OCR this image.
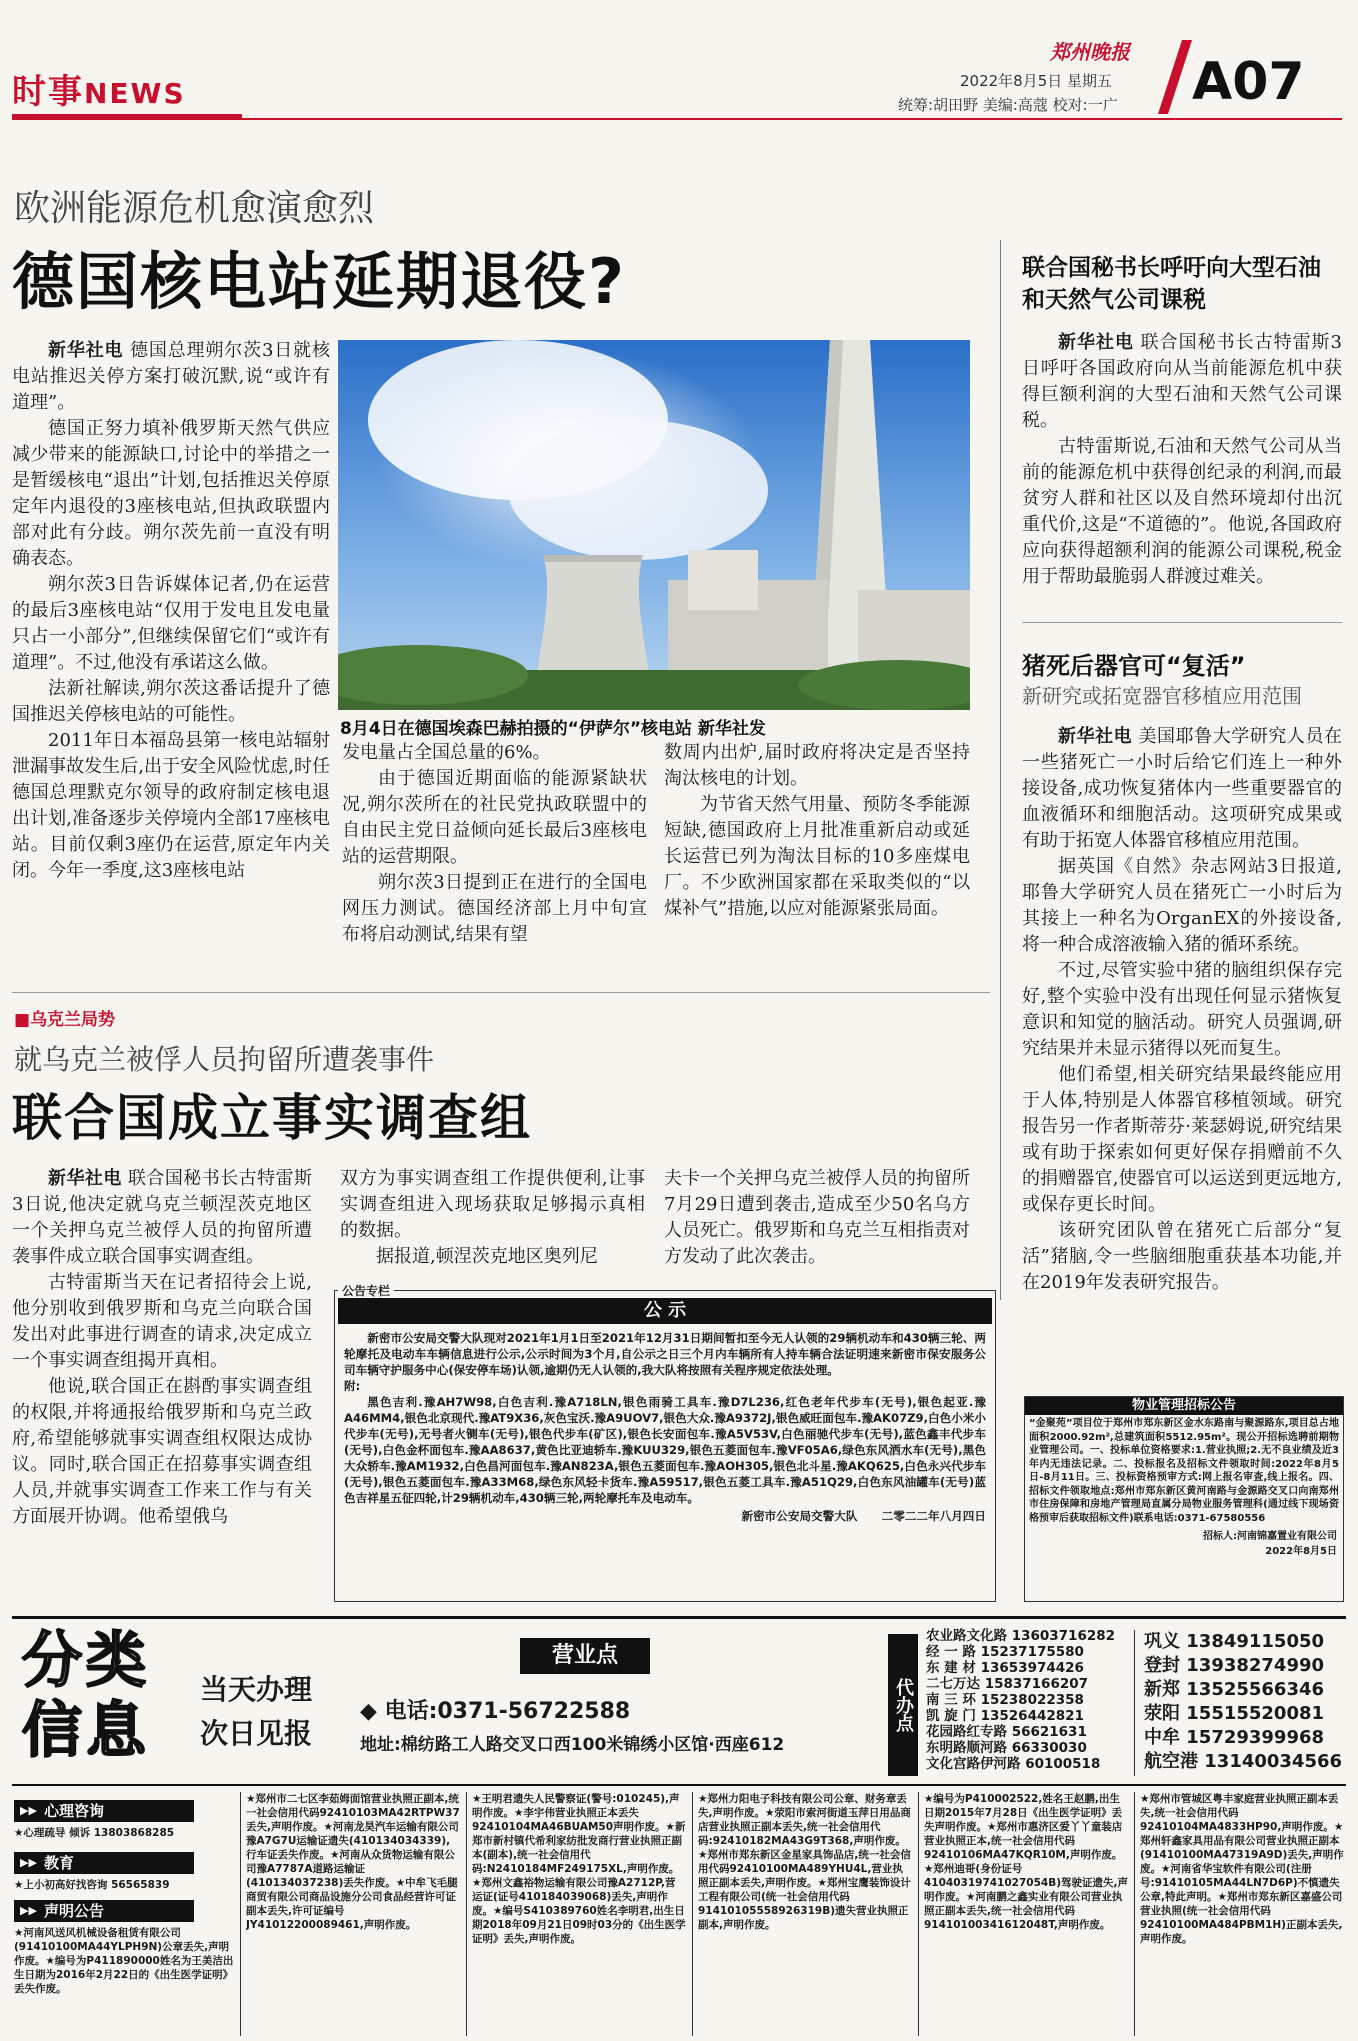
时事NEWS
郑州晚报
2022年8月5日 星期五
统筹:胡田野 美编:高蔻 校对:一广 A07
欧洲能源危机愈演愈烈
德国核电站延期退役?

新华社电 德国总理朔尔茨3日就核电站推迟关停方案打破沉默,说“或许有道理”。

德国正努力填补俄罗斯天然气供应减少带来的能源缺口,讨论中的举措之一是暂缓核电“退出”计划,包括推迟关停原定年内退役的3座核电站,但执政联盟内部对此有分歧。朔尔茨先前一直没有明确表态。

朔尔茨3日告诉媒体记者,仍在运营的最后3座核电站“仅用于发电且发电量只占一小部分”,但继续保留它们“或许有道理”。不过,他没有承诺这么做。

法新社解读,朔尔茨这番话提升了德国推迟关停核电站的可能性。

2011年日本福岛县第一核电站辐射泄漏事故发生后,出于安全风险忧虑,时任德国总理默克尔领导的政府制定核电退出计划,准备逐步关停境内全部17座核电站。目前仅剩3座仍在运营,原定年内关闭。今年一季度,这3座核电站

8月4日在德国埃森巴赫拍摄的“伊萨尔”核电站 新华社发

发电量占全国总量的6%。

由于德国近期面临的能源紧缺状况,朔尔茨所在的社民党执政联盟中的自由民主党日益倾向延长最后3座核电站的运营期限。

朔尔茨3日提到正在进行的全国电网压力测试。德国经济部上月中旬宣布将启动测试,结果有望

数周内出炉,届时政府将决定是否坚持淘汰核电的计划。

为节省天然气用量、预防冬季能源短缺,德国政府上月批准重新启动或延长运营已列为淘汰目标的10多座煤电厂。不少欧洲国家都在采取类似的“以煤补气”措施,以应对能源紧张局面。

联合国秘书长呼吁向大型石油和天然气公司课税

新华社电 联合国秘书长古特雷斯3日呼吁各国政府向从当前能源危机中获得巨额利润的大型石油和天然气公司课税。

古特雷斯说,石油和天然气公司从当前的能源危机中获得创纪录的利润,而最贫穷人群和社区以及自然环境却付出沉重代价,这是“不道德的”。他说,各国政府应向获得超额利润的能源公司课税,税金用于帮助最脆弱人群渡过难关。

猪死后器官可“复活”
新研究或拓宽器官移植应用范围

新华社电 美国耶鲁大学研究人员在一些猪死亡一小时后给它们连上一种外接设备,成功恢复猪体内一些重要器官的血液循环和细胞活动。这项研究成果或有助于拓宽人体器官移植应用范围。

据英国《自然》杂志网站3日报道,耶鲁大学研究人员在猪死亡一小时后为其接上一种名为OrganEX的外接设备,将一种合成溶液输入猪的循环系统。

不过,尽管实验中猪的脑组织保存完好,整个实验中没有出现任何显示猪恢复意识和知觉的脑活动。研究人员强调,研究结果并未显示猪得以死而复生。

他们希望,相关研究结果最终能应用于人体,特别是人体器官移植领域。研究报告另一作者斯蒂芬·莱瑟姆说,研究结果或有助于探索如何更好保存捐赠前不久的捐赠器官,使器官可以运送到更远地方,或保存更长时间。

该研究团队曾在猪死亡后部分“复活”猪脑,令一些脑细胞重获基本功能,并在2019年发表研究报告。

■乌克兰局势
就乌克兰被俘人员拘留所遭袭事件
联合国成立事实调查组

新华社电 联合国秘书长古特雷斯3日说,他决定就乌克兰顿涅茨克地区一个关押乌克兰被俘人员的拘留所遭袭事件成立联合国事实调查组。

古特雷斯当天在记者招待会上说,他分别收到俄罗斯和乌克兰向联合国发出对此事进行调查的请求,决定成立一个事实调查组揭开真相。

他说,联合国正在斟酌事实调查组的权限,并将通报给俄罗斯和乌克兰政府,希望能够就事实调查组权限达成协议。同时,联合国正在招募事实调查组人员,并就事实调查工作来工作与有关方面展开协调。他希望俄乌

双方为事实调查组工作提供便利,让事实调查组进入现场获取足够揭示真相的数据。

据报道,顿涅茨克地区奥列尼

夫卡一个关押乌克兰被俘人员的拘留所7月29日遭到袭击,造成至少50名乌方人员死亡。俄罗斯和乌克兰互相指责对方发动了此次袭击。

公告专栏
公 示
新密市公安局交警大队现对2021年1月1日至2021年12月31日期间暂扣至今无人认领的29辆机动车和430辆三轮、两轮摩托及电动车车辆信息进行公示,公示时间为3个月,自公示之日三个月内车辆所有人持车辆合法证明速来新密市保安服务公司车辆守护服务中心(保安停车场)认领,逾期仍无人认领的,我大队将按照有关程序规定依法处理。
附:
黑色吉利.豫AH7W98,白色吉利.豫A718LN,银色雨骑工具车.豫D7L236,红色老年代步车(无号),银色起亚.豫A46MM4,银色北京现代.豫AT9X36,灰色宝沃.豫A9UOV7,银色大众.豫A9372J,银色威旺面包车.豫AK07Z9,白色小米小代步车(无号),无号者火铡车(无号),银色代步车(矿区),银色长安面包车.豫A5V53V,白色丽驰代步车(无号),蓝色鑫丰代步车(无号),白色金杯面包车.豫AA8637,黄色比亚迪轿车.豫KUU329,银色五菱面包车.豫VF05A6,绿色东风洒水车(无号),黑色大众轿车.豫AM1932,白色昌河面包车.豫AN823A,银色五菱面包车.豫AOH305,银色北斗星.豫AKQ625,白色永兴代步车(无号),银色五菱面包车.豫A33M68,绿色东风轻卡货车.豫A59517,银色五菱工具车.豫A51Q29,白色东风油罐车(无号)蓝色吉祥星五征四轮,计29辆机动车,430辆三轮,两轮摩托车及电动车。
新密市公安局交警大队 二零二二年八月四日
物业管理招标公告
“金聚苑”项目位于郑州市郑东新区金水东路南与聚源路东,项目总占地面积2000.92m²,总建筑面积5512.95m²。现公开招标选聘前期物业管理公司。一、投标单位资格要求:1.营业执照;2.无不良业绩及近3年内无违法记录。二、投标报名及招标文件领取时间:2022年8月5日-8月11日。三、投标资格预审方式:网上报名审查,线上报名。四、招标文件领取地点:郑州市郑东新区黄河南路与金源路交叉口向南郑州市住房保障和房地产管理局直属分局物业服务管理科(通过线下现场资格预审后获取招标文件)联系电话:0371-67580556
招标人:河南锦嘉置业有限公司
2022年8月5日
分类
信息
当天办理
次日见报
营业点
◆ 电话:0371-56722588
地址:棉纺路工人路交叉口西100米锦绣小区馆·西座612
代办点
农业路文化路 13603716282
经 一 路 15237175580
东 建 材 13653974426
二七万达 15837166207
南 三 环 15238022358
凯 旋 门 13526442821
花园路红专路 56621631
东明路顺河路 66330030
文化宫路伊河路 60100518
巩义 13849115050
登封 13938274990
新郑 13525566346
荥阳 15515520081
中牟 15729399968
航空港 13140034566
▶▶ 心理咨询
★心理疏导 倾诉 13803868285
▶▶ 教育
★上小初高好找咨询 56565839
▶▶ 声明公告
★河南风送风机械设备租赁有限公司(91410100MA44YLPH9N)公章丢失,声明作废。★编号为P411890000姓名为王美洁出生日期为2016年2月22日的《出生医学证明》丢失作废。
★郑州市二七区李茹姆面馆营业执照正副本,统一社会信用代码92410103MA42RTPW37丢失,声明作废。★河南龙昊汽车运输有限公司豫A7G7U运输证遗失(410134034339),行车证丢失作废。★河南从众货物运输有限公司豫A7787A道路运输证(410134037238)丢失作废。★中牟飞毛腿商贸有限公司商品设施分公司食品经营许可证副本丢失,许可证编号JY41012200089461,声明作废。
★王明君遗失人民警察证(警号:010245),声明作废。★李宇伟营业执照正本丢失92410104MA46BUAM50声明作废。★新郑市新村镇代希利家纺批发商行营业执照正副本(副本),统一社会信用代码:N2410184MF249175XL,声明作废。★郑州文鑫裕物运输有限公司豫A2712P,营运证(证号410184039068)丢失,声明作废。★编号S410389760姓名李明君,出生日期2018年09月21日09时03分的《出生医学证明》丢失,声明作废。
★郑州力阳电子科技有限公司公章、财务章丢失,声明作废。★荥阳市索河街道玉萍日用品商店营业执照正副本丢失,统一社会信用代码:92410182MA43G9T368,声明作废。★郑州市郑东新区金星家具饰品店,统一社会信用代码92410100MA489YHU4L,营业执照正副本丢失,声明作废。★郑州宝鹰装饰设计工程有限公司(统一社会信用代码91410105558926319B)遗失营业执照正副本,声明作废。
★编号为P410002522,姓名王赵鹏,出生日期2015年7月28日《出生医学证明》丢失声明作废。★郑州市惠济区爱丫丫童装店营业执照正本,统一社会信用代码92410106MA47KQR10M,声明作废。★郑州迪哥(身份证号41040319741027054B)驾驶证遗失,声明作废。★河南鹏之鑫实业有限公司营业执照正副本丢失,统一社会信用代码91410100341612048T,声明作废。
★郑州市管城区粤丰家庭营业执照正副本丢失,统一社会信用代码92410104MA4833HP90,声明作废。★郑州轩鑫家具用品有限公司营业执照正副本(91410100MA47319A9D)丢失,声明作废。★河南省华宝软件有限公司(注册号:91410105MA44LN7D6P)不慎遗失公章,特此声明。★郑州市郑东新区嘉盛公司营业执照(统一社会信用代码92410100MA484PBM1H)正副本丢失,声明作废。
